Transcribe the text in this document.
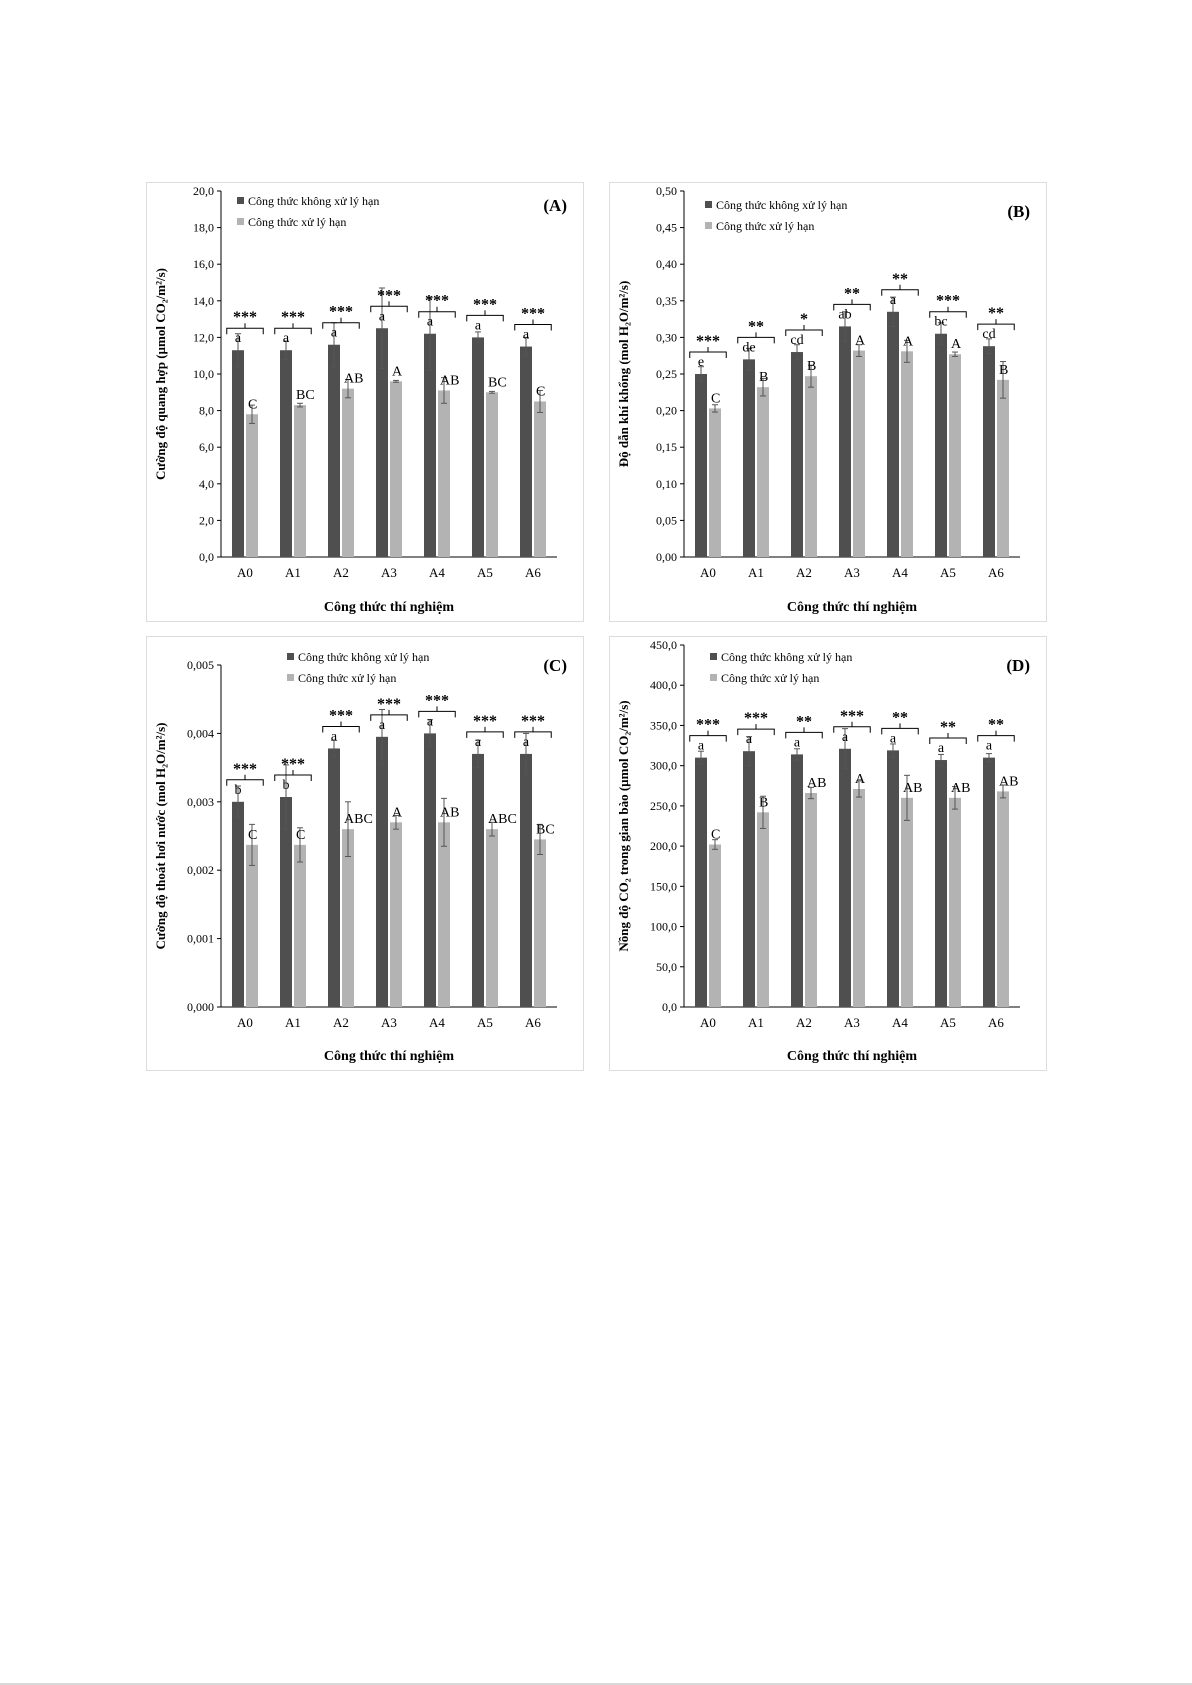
0,0
2,0
4,0
6,0
8,0
10,0
12,0
14,0
16,0
18,0
20,0
Cường độ quang hợp (µmol CO₂/m²/s)
Công thức thí nghiệm
(A)
Công thức không xử lý hạn
Công thức xử lý hạn
a
C
***
A0
a
BC
***
A1
a
AB
***
A2
a
A
***
A3
a
AB
***
A4
a
BC
***
A5
a
C
***
A6
0,00
0,05
0,10
0,15
0,20
0,25
0,30
0,35
0,40
0,45
0,50
Độ dẫn khí khổng (mol H₂O/m²/s)
Công thức thí nghiệm
(B)
Công thức không xử lý hạn
Công thức xử lý hạn
e
C
***
A0
de
B
**
A1
cd
B
*
A2
ab
A
**
A3
a
A
**
A4
bc
A
***
A5
cd
B
**
A6
0,000
0,001
0,002
0,003
0,004
0,005
Cường độ thoát hơi nước (mol H₂O/m²/s)
Công thức thí nghiệm
(C)
Công thức không xử lý hạn
Công thức xử lý hạn
b
C
***
A0
b
C
***
A1
a
ABC
***
A2
a
A
***
A3
a
AB
***
A4
a
ABC
***
A5
a
BC
***
A6
0,0
50,0
100,0
150,0
200,0
250,0
300,0
350,0
400,0
450,0
Nồng độ CO₂ trong gian bào (µmol CO₂/m²/s)
Công thức thí nghiệm
(D)
Công thức không xử lý hạn
Công thức xử lý hạn
a
C
***
A0
a
B
***
A1
a
AB
**
A2
a
A
***
A3
a
AB
**
A4
a
AB
**
A5
a
AB
**
A6
